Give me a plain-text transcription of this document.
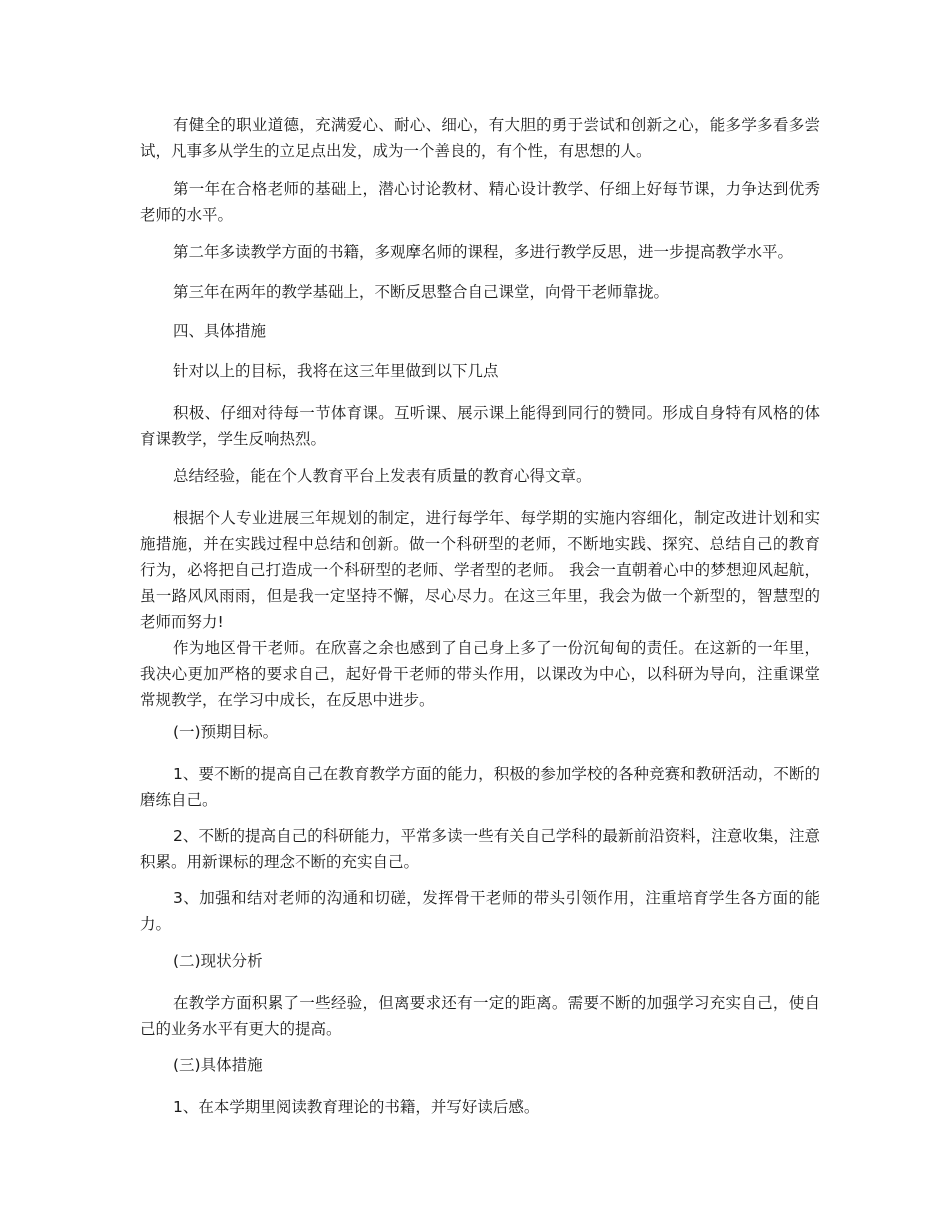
有健全的职业道德，充满爱心、耐心、细心，有大胆的勇于尝试和创新之心，能多学多看多尝试，凡事多从学生的立足点出发，成为一个善良的，有个性，有思想的人。

第一年在合格老师的基础上，潜心讨论教材、精心设计教学、仔细上好每节课，力争达到优秀老师的水平。

第二年多读教学方面的书籍，多观摩名师的课程，多进行教学反思，进一步提高教学水平。

第三年在两年的教学基础上，不断反思整合自己课堂，向骨干老师靠拢。

四、具体措施

针对以上的目标，我将在这三年里做到以下几点

积极、仔细对待每一节体育课。互听课、展示课上能得到同行的赞同。形成自身特有风格的体育课教学，学生反响热烈。

总结经验，能在个人教育平台上发表有质量的教育心得文章。

根据个人专业进展三年规划的制定，进行每学年、每学期的实施内容细化，制定改进计划和实施措施，并在实践过程中总结和创新。做一个科研型的老师，不断地实践、探究、总结自己的教育行为，必将把自己打造成一个科研型的老师、学者型的老师。 我会一直朝着心中的梦想迎风起航，虽一路风风雨雨，但是我一定坚持不懈，尽心尽力。在这三年里，我会为做一个新型的，智慧型的老师而努力!

作为地区骨干老师。在欣喜之余也感到了自己身上多了一份沉甸甸的责任。在这新的一年里，我决心更加严格的要求自己，起好骨干老师的带头作用，以课改为中心，以科研为导向，注重课堂常规教学，在学习中成长，在反思中进步。

(一)预期目标。

1、要不断的提高自己在教育教学方面的能力，积极的参加学校的各种竞赛和教研活动，不断的磨练自己。

2、不断的提高自己的科研能力，平常多读一些有关自己学科的最新前沿资料，注意收集，注意积累。用新课标的理念不断的充实自己。

3、加强和结对老师的沟通和切磋，发挥骨干老师的带头引领作用，注重培育学生各方面的能力。

(二)现状分析

在教学方面积累了一些经验，但离要求还有一定的距离。需要不断的加强学习充实自己，使自己的业务水平有更大的提高。

(三)具体措施

1、在本学期里阅读教育理论的书籍，并写好读后感。
